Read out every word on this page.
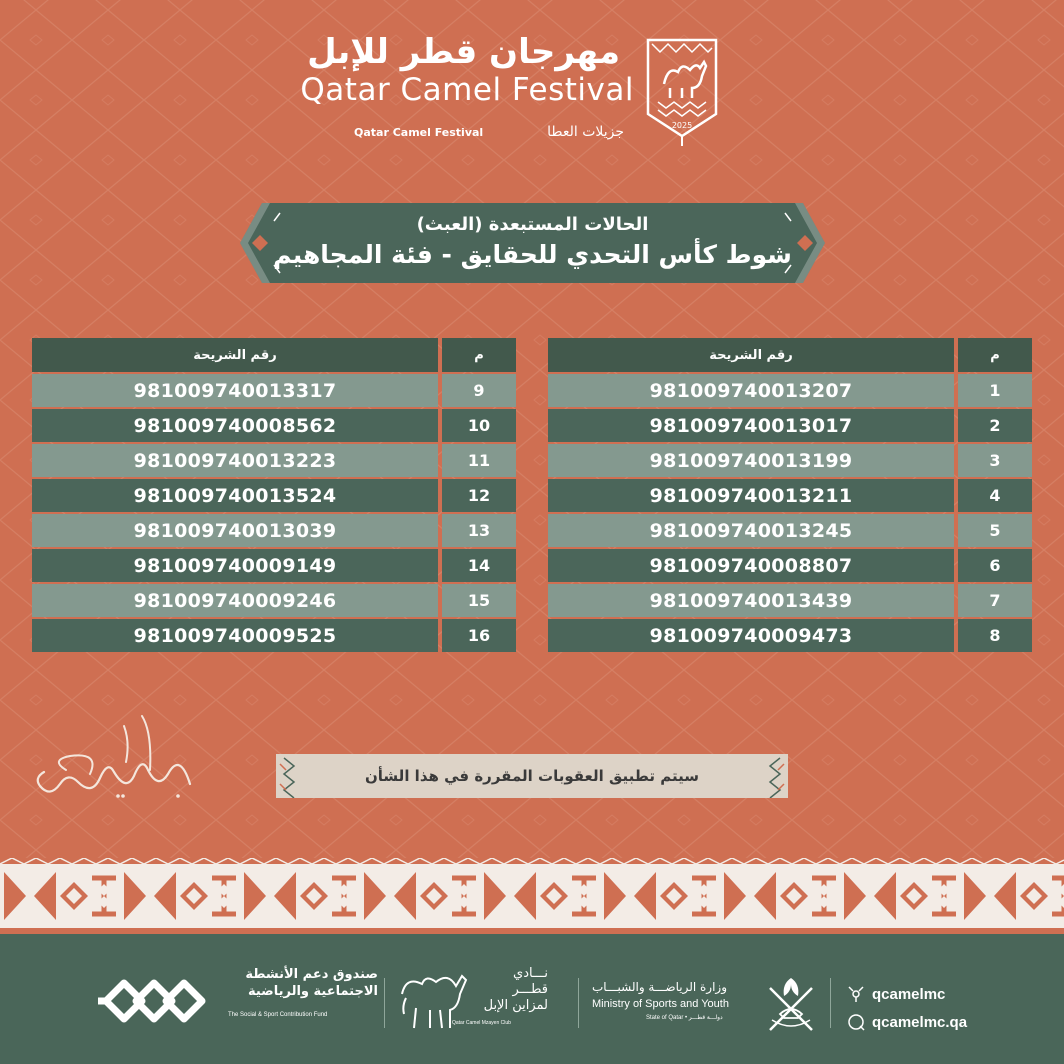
مهرجان قطر للإبل
Qatar Camel Festival
Qatar Camel Festival	جزيلات العطا	2025
الحالات المستبعدة (العبث)
شوط كأس التحدي للحقايق - فئة المجاهيم
رقم الشريحة	م
981009740013317	9
981009740008562	10
981009740013223	11
981009740013524	12
981009740013039	13
981009740009149	14
981009740009246	15
981009740009525	16
رقم الشريحة	م
981009740013207	1
981009740013017	2
981009740013199	3
981009740013211	4
981009740013245	5
981009740008807	6
981009740013439	7
981009740009473	8
سيتم تطبيق العقوبات المقررة في هذا الشأن
qcamelmc
qcamelmc.qa
وزارة الرياضـــة والشبـــاب
Ministry of Sports and Youth
State of Qatar • دولـــة قطـــر
نـــادي قطـــر
لمزاين الإبل
Qatar Camel Mzayen Club
صندوق دعم الأنشطة
الاجتماعية والرياضية
The Social & Sport Contribution Fund
